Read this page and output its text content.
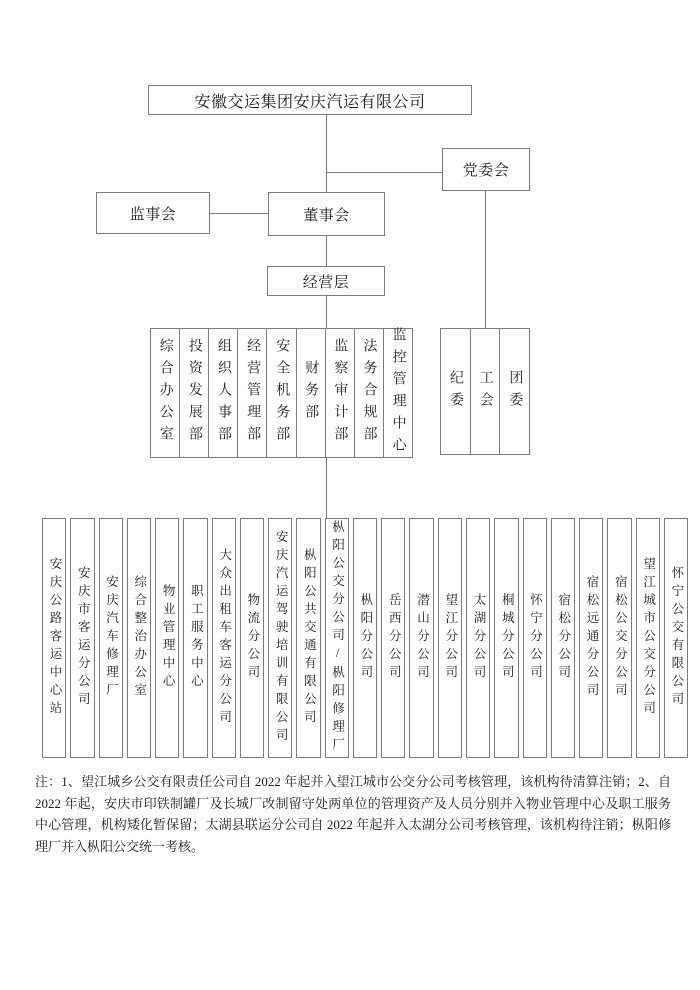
安徽交运集团安庆汽运有限公司
党委会
监事会	董事会
经营层
综合办公室 投资发展部 组织人事部 经营管理部 安全机务部 财务部 监察审计部 法务合规部 监控管理中心	纪委 工会 团委
安庆公路客运中心站 安庆市客运分公司 安庆汽车修理厂 综合整治办公室 物业管理中心 职工服务中心 大众出租车客运分公司 物流分公司 安庆汽运驾驶培训有限公司 枞阳公共交通有限公司 枞阳公交分公司/枞阳修理厂 枞阳分公司 岳西分公司 潜山分公司 望江分公司 太湖分公司 桐城分公司 怀宁分公司 宿松分公司 宿松远通分公司 宿松公交分公司 望江城市公交分公司 怀宁公交有限公司
注：1、望江城乡公交有限责任公司自 2022 年起并入望江城市公交分公司考核管理，该机构待清算注销；2、自 2022 年起，安庆市印铁制罐厂及长城厂改制留守处两单位的管理资产及人员分别并入物业管理中心及职工服务中心管理，机构矮化暂保留；太湖县联运分公司自 2022 年起并入太湖分公司考核管理，该机构待注销；枞阳修理厂并入枞阳公交统一考核。
